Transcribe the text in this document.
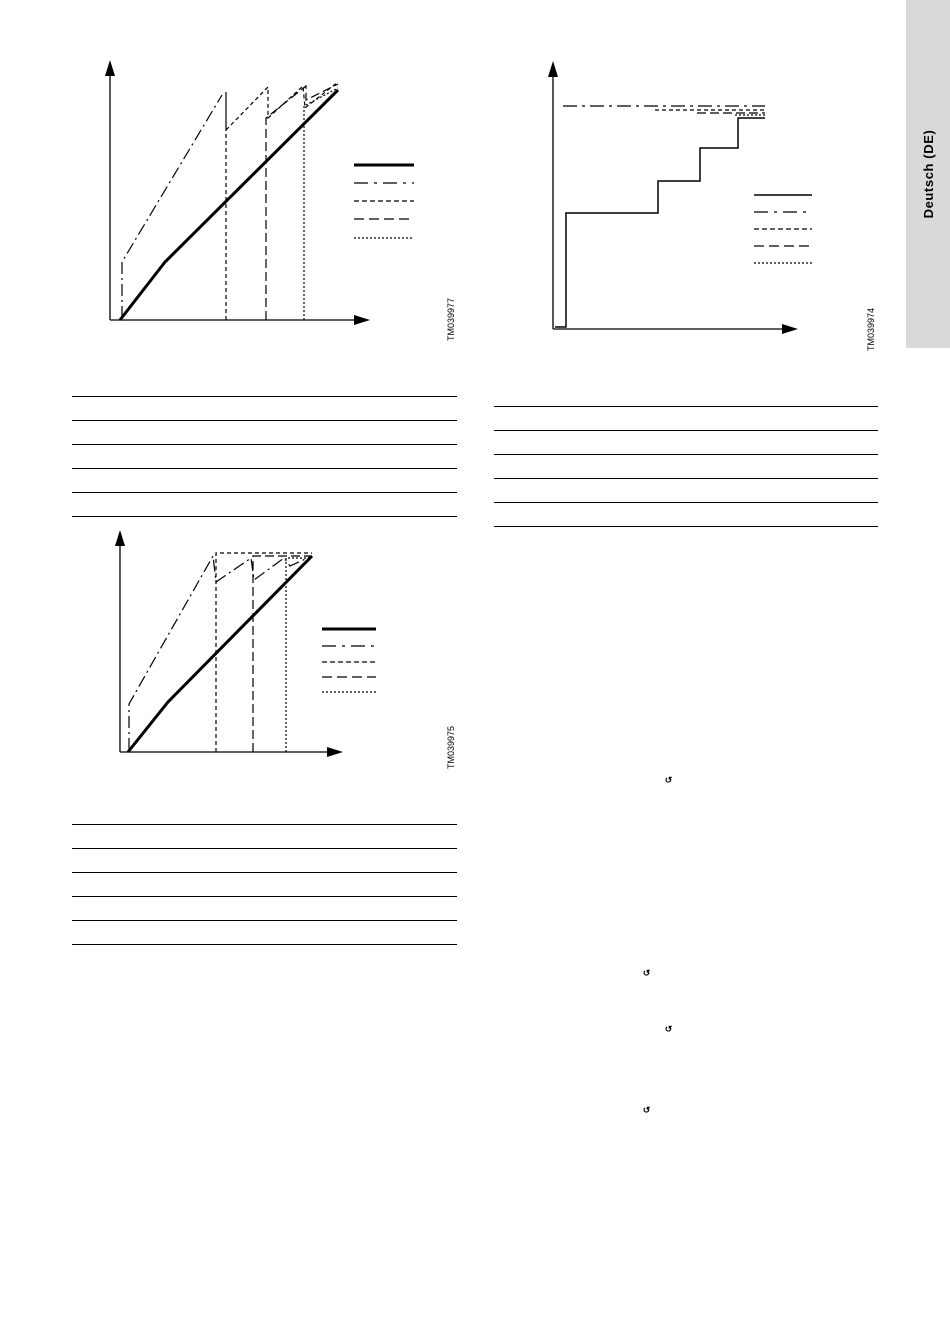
Deutsch (DE)
TM039977
TM039975
TM039974
↺
↺
↺
↺
